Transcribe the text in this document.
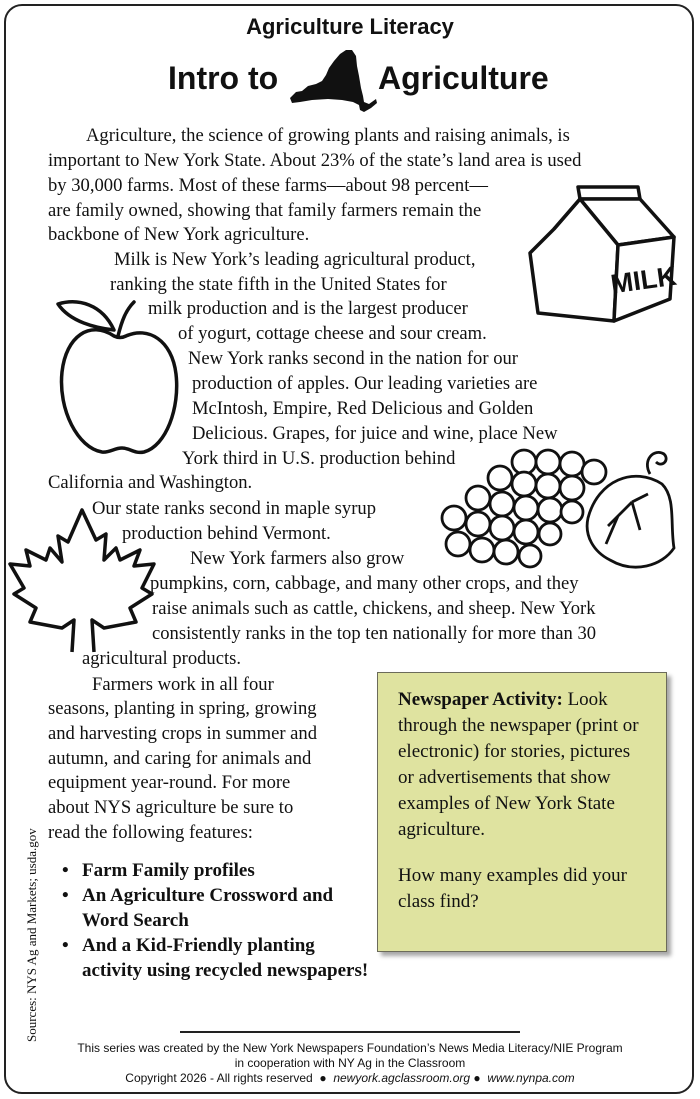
Agriculture Literacy
Intro to	Agriculture
Agriculture, the science of growing plants and raising animals, is
important to New York State. About 23% of the state’s land area is used
by 30,000 farms. Most of these farms—about 98 percent—
are family owned, showing that family farmers remain the
backbone of New York agriculture.
Milk is New York’s leading agricultural product,
ranking the state fifth in the United States for
milk production and is the largest producer
of yogurt, cottage cheese and sour cream.
New York ranks second in the nation for our
production of apples. Our leading varieties are
McIntosh, Empire, Red Delicious and Golden
Delicious. Grapes, for juice and wine, place New
York third in U.S. production behind
California and Washington.
Our state ranks second in maple syrup
production behind Vermont.
New York farmers also grow
pumpkins, corn, cabbage, and many other crops, and they
raise animals such as cattle, chickens, and sheep. New York
consistently ranks in the top ten nationally for more than 30
agricultural products.
Farmers work in all four
seasons, planting in spring, growing
and harvesting crops in summer and
autumn, and caring for animals and
equipment year-round. For more
about NYS agriculture be sure to
read the following features:
• Farm Family profiles
• An Agriculture Crossword and Word Search
• And a Kid-Friendly planting activity using recycled newspapers!
MILK

Newspaper Activity: Look through the newspaper (print or electronic) for stories, pictures or advertisements that show examples of New York State agriculture.

How many examples did your class find?

Sources: NYS Ag and Markets; usda.gov
This series was created by the New York Newspapers Foundation’s News Media Literacy/NIE Program
in cooperation with NY Ag in the Classroom
Copyright 2026 - All rights reserved  ●  newyork.agclassroom.org ●  www.nynpa.com
